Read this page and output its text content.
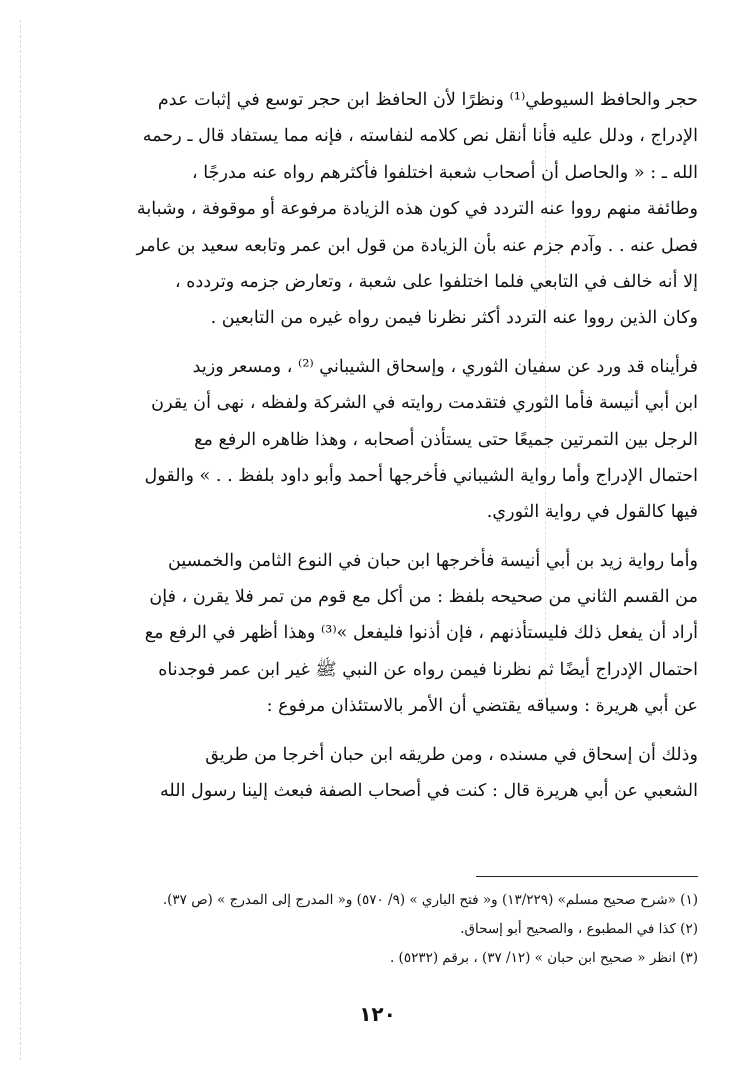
حجر والحافظ السيوطي⁽¹⁾ ونظرًا لأن الحافظ ابن حجر توسع في إثبات عدم
الإدراج ، ودلل عليه فأنا أنقل نص كلامه لنفاسته ، فإنه مما يستفاد قال ـ رحمه
الله ـ : « والحاصل أن أصحاب شعبة اختلفوا فأكثرهم رواه عنه مدرجًا ،
وطائفة منهم رووا عنه التردد في كون هذه الزيادة مرفوعة أو موقوفة ، وشبابة
فصل عنه . . وآدم جزم عنه بأن الزيادة من قول ابن عمر وتابعه سعيد بن عامر
إلا أنه خالف في التابعي فلما اختلفوا على شعبة ، وتعارض جزمه وتردده ،
وكان الذين رووا عنه التردد أكثر نظرنا فيمن رواه غيره من التابعين .
فرأيناه قد ورد عن سفيان الثوري ، وإسحاق الشيباني ⁽²⁾ ، ومسعر وزيد
ابن أبي أنيسة فأما الثوري فتقدمت روايته في الشركة ولفظه ، نهى أن يقرن
الرجل بين التمرتين جميعًا حتى يستأذن أصحابه ، وهذا ظاهره الرفع مع
احتمال الإدراج وأما رواية الشيباني فأخرجها أحمد وأبو داود بلفظ . . » والقول
فيها كالقول في رواية الثوري.
وأما رواية زيد بن أبي أنيسة فأخرجها ابن حبان في النوع الثامن والخمسين
من القسم الثاني من صحيحه بلفظ : من أكل مع قوم من تمر فلا يقرن ، فإن
أراد أن يفعل ذلك فليستأذنهم ، فإن أذنوا فليفعل »⁽³⁾ وهذا أظهر في الرفع مع
احتمال الإدراج أيضًا ثم نظرنا فيمن رواه عن النبي ﷺ غير ابن عمر فوجدناه
عن أبي هريرة : وسياقه يقتضي أن الأمر بالاستئذان مرفوع :
وذلك أن إسحاق في مسنده ، ومن طريقه ابن حبان أخرجا من طريق
الشعبي عن أبي هريرة قال : كنت في أصحاب الصفة فبعث إلينا رسول الله
(١) «شرح صحيح مسلم» (١٣/٢٢٩) و« فتح الباري » (٩/ ٥٧٠) و« المدرج إلى المدرج » (ص ٣٧).
(٢) كذا في المطبوع ، والصحيح أبو إسحاق.
(٣) انظر « صحيح ابن حبان » (١٢/ ٣٧) ، برقم (٥٢٣٢) .
١٢٠
